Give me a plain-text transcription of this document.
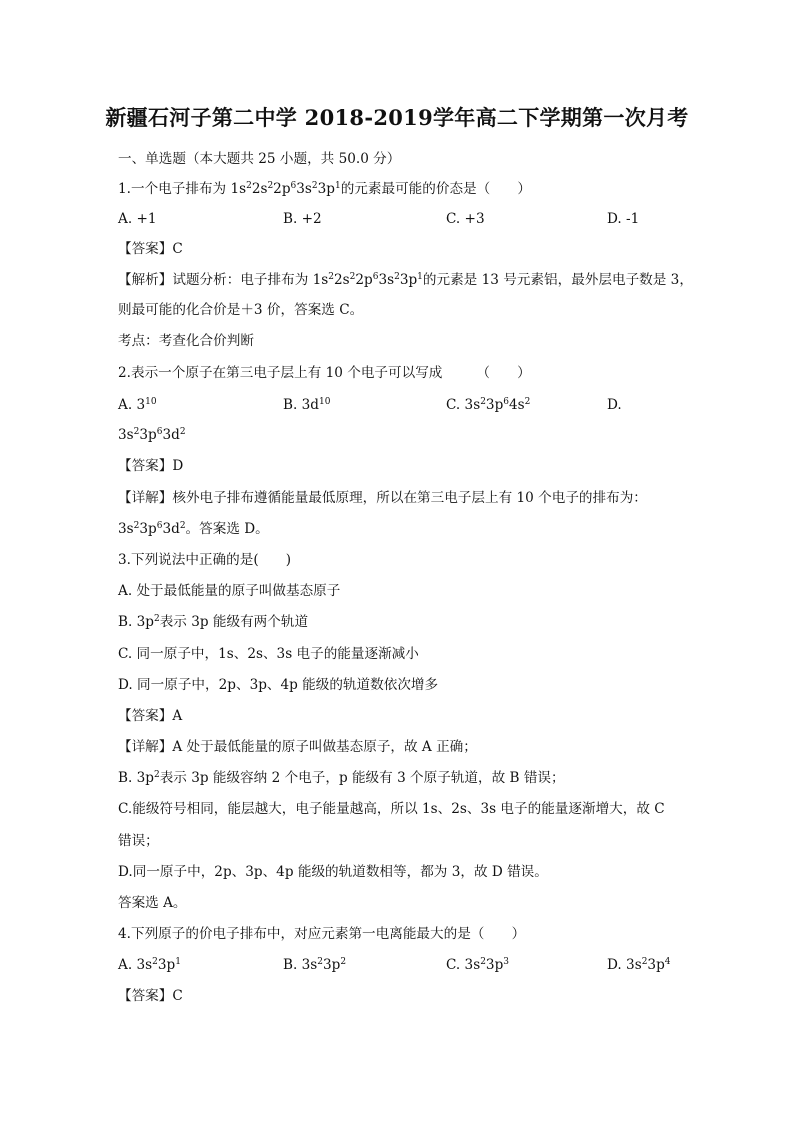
新疆石河子第二中学 2018-2019学年高二下学期第一次月考
一、单选题（本大题共 25 小题，共 50.0 分）
1.一个电子排布为 $1s^22s^22p^63s^23p^1$的元素最可能的价态是（　　）
A. +1	B. +2	C. +3	D. -1
【答案】C
【解析】试题分析：电子排布为 $1s^22s^22p^63s^23p^1$的元素是 13 号元素铝，最外层电子数是 3，
则最可能的化合价是＋3 价，答案选 C。
考点：考查化合价判断
2.表示一个原子在第三电子层上有 10 个电子可以写成　　　（　　）
A. $3^{10}$	B. $3d^{10}$	C. $3s^23p^64s^2$	D.
$3s^23p^63d^2$
【答案】D
【详解】核外电子排布遵循能量最低原理，所以在第三电子层上有 10 个电子的排布为：
$3s^23p^63d^2$。答案选 D。
3.下列说法中正确的是(　　)
A. 处于最低能量的原子叫做基态原子
B. $3p^2$表示 3p 能级有两个轨道
C. 同一原子中，1s、2s、3s 电子的能量逐渐减小
D. 同一原子中，2p、3p、4p 能级的轨道数依次增多
【答案】A
【详解】A 处于最低能量的原子叫做基态原子，故 A 正确；
B. $3p^2$表示 3p 能级容纳 2 个电子，p 能级有 3 个原子轨道，故 B 错误；
C.能级符号相同，能层越大，电子能量越高，所以 1s、2s、3s 电子的能量逐渐增大，故 C
错误；
D.同一原子中，2p、3p、4p 能级的轨道数相等，都为 3，故 D 错误。
答案选 A。
4.下列原子的价电子排布中，对应元素第一电离能最大的是（　　）
A. $3s^23p^1$	B. $3s^23p^2$	C. $3s^23p^3$	D. $3s^23p^4$
【答案】C
